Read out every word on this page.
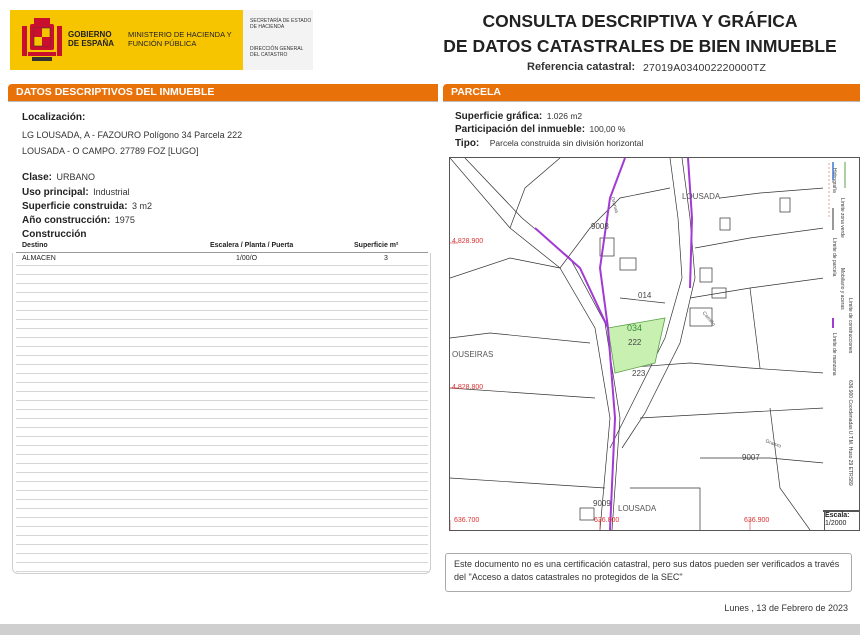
GOBIERNO DE ESPAÑA
MINISTERIO DE HACIENDA Y FUNCIÓN PÚBLICA
SECRETARÍA DE ESTADO DE HACIENDA
DIRECCIÓN GENERAL DEL CATASTRO
CONSULTA DESCRIPTIVA Y GRÁFICA
DE DATOS CATASTRALES DE BIEN INMUEBLE
Referencia catastral: 27019A034002220000TZ
DATOS DESCRIPTIVOS DEL INMUEBLE
Localización:
LG LOUSADA, A - FAZOURO Polígono 34 Parcela 222
LOUSADA - O CAMPO. 27789 FOZ [LUGO]
Clase: URBANO
Uso principal: Industrial
Superficie construida: 3 m2
Año construcción: 1975
Construcción
Destino	Escalera / Planta / Puerta	Superficie m²
ALMACEN	1/00/O	3
PARCELA
Superficie gráfica: 1.026 m2
Participación del inmueble: 100,00 %
Tipo: Parcela construida sin división horizontal
LOUSADA
LOUSADA
OUSEIRAS
034
222
223
014
9008
9007
9009
4.828.900
4.828.800
636.700	636.800	636.900
Granxa
Camiño
Granxo
Hidrografía
Límite zona verde
Límite de parcela
Mobiliario y aceras
Límite de construcciones
Límite de manzana
636.900 Coordenadas U.T.M. Huso 29 ETRS89
Escala:
1/2000
Este documento no es una certificación catastral, pero sus datos pueden ser verificados a través del "Acceso a datos catastrales no protegidos de la SEC"
Lunes , 13 de Febrero de 2023
